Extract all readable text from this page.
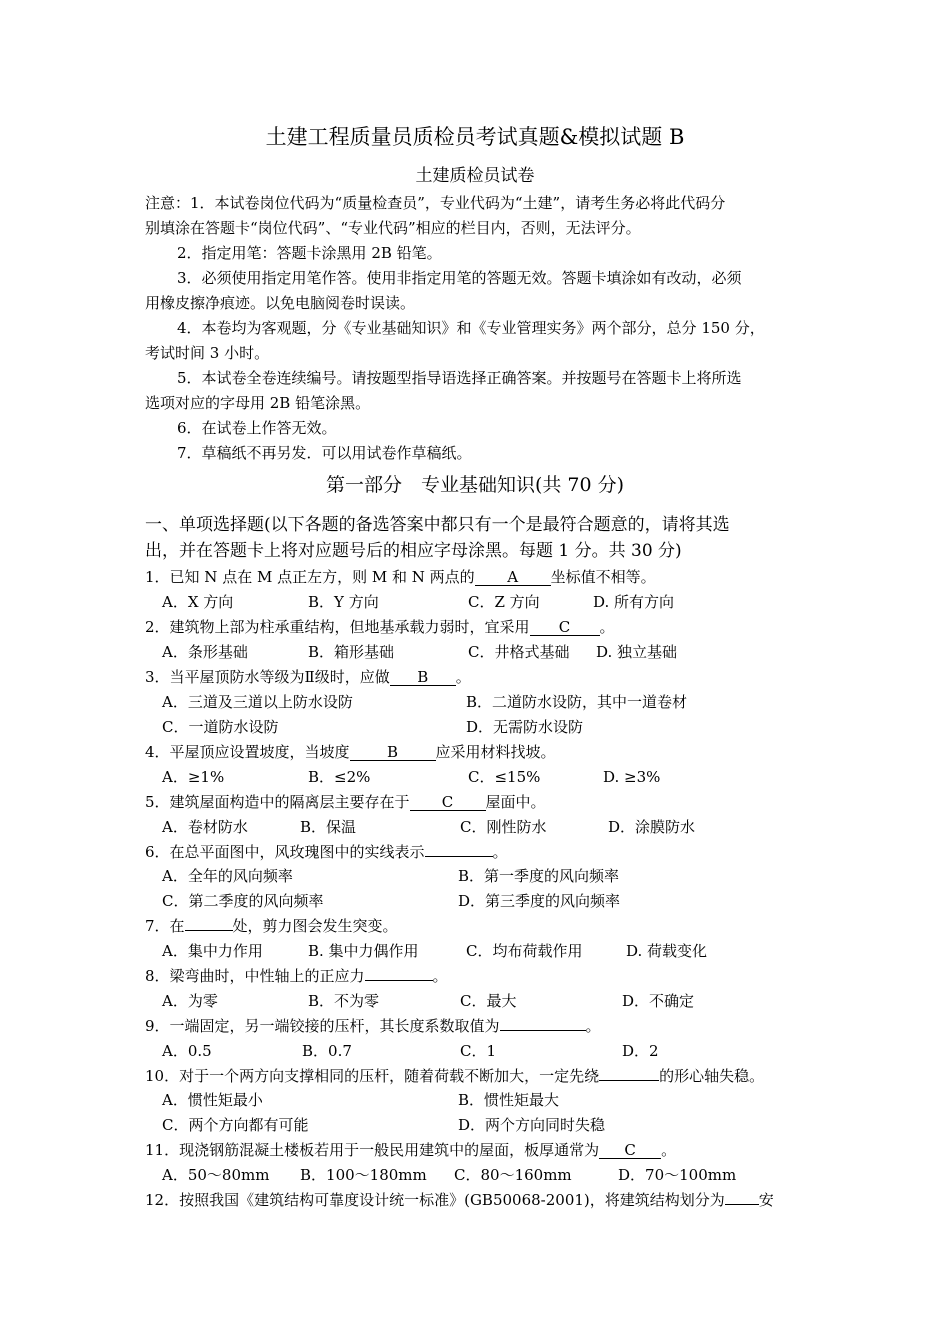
土建工程质量员质检员考试真题&模拟试题 B
土建质检员试卷
注意：1．本试卷岗位代码为“质量检查员”，专业代码为“土建”，请考生务必将此代码分
别填涂在答题卡“岗位代码”、“专业代码”相应的栏目内，否则，无法评分。
2．指定用笔：答题卡涂黑用 2B 铅笔。
3．必须使用指定用笔作答。使用非指定用笔的答题无效。答题卡填涂如有改动，必须
用橡皮擦净痕迹。以免电脑阅卷时误读。
4．本卷均为客观题，分《专业基础知识》和《专业管理实务》两个部分，总分 150 分，
考试时间 3 小时。
5．本试卷全卷连续编号。请按题型指导语选择正确答案。并按题号在答题卡上将所选
选项对应的字母用 2B 铅笔涂黑。
6．在试卷上作答无效。
7．草稿纸不再另发．可以用试卷作草稿纸。
第一部分　专业基础知识(共 70 分)
一、单项选择题(以下各题的备选答案中都只有一个是最符合题意的，请将其选
出，并在答题卡上将对应题号后的相应字母涂黑。每题 1 分。共 30 分)
1．已知 N 点在 M 点正左方，则 M 和 N 两点的 A 坐标值不相等。
A．X 方向	B．Y 方向	C．Z 方向	D. 所有方向
2．建筑物上部为柱承重结构，但地基承载力弱时，宜采用 C 。
A．条形基础	B．箱形基础	C．井格式基础 D. 独立基础
3．当平屋顶防水等级为Ⅱ级时，应做 B 。
A．三道及三道以上防水设防	B．二道防水设防，其中一道卷材
C．一道防水设防	D．无需防水设防
4．平屋顶应设置坡度，当坡度 B 应采用材料找坡。
A．≥1%	B．≤2%	C．≤15%	D. ≥3%
5．建筑屋面构造中的隔离层主要存在于 C 屋面中。
A．卷材防水	B．保温	C．刚性防水	D．涂膜防水
6．在总平面图中，风玫瑰图中的实线表示	。
A．全年的风向频率	B．第一季度的风向频率
C．第二季度的风向频率	D．第三季度的风向频率
7．在	处，剪力图会发生突变。
A．集中力作用	B. 集中力偶作用	C．均布荷载作用	D. 荷载变化
8．梁弯曲时，中性轴上的正应力	。
A．为零	B．不为零	C．最大	D．不确定
9．一端固定，另一端铰接的压杆，其长度系数取值为	。
A．0.5	B．0.7	C．1	D．2
10．对于一个两方向支撑相同的压杆，随着荷载不断加大，一定先绕	的形心轴失稳。
A．惯性矩最小	B．惯性矩最大
C．两个方向都有可能	D．两个方向同时失稳
11．现浇钢筋混凝土楼板若用于一般民用建筑中的屋面，板厚通常为 C 。
A．50～80mm B．100～180mm C．80～160mm	D．70～100mm
12．按照我国《建筑结构可靠度设计统一标准》(GB50068-2001)，将建筑结构划分为 安
